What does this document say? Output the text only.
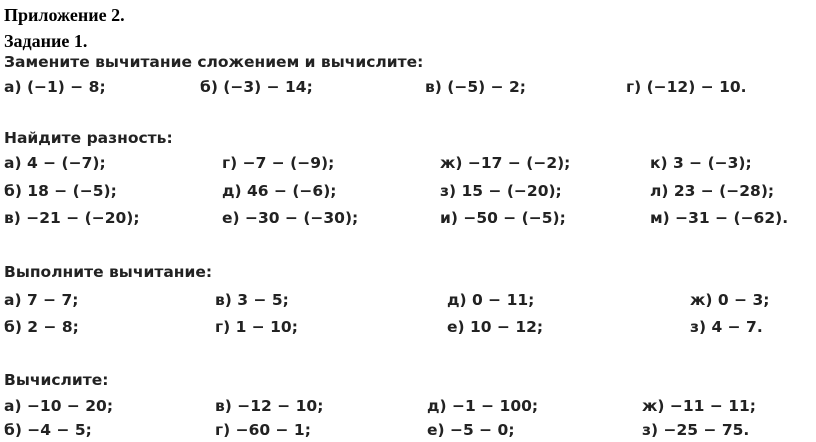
Приложение 2.
Задание 1.
Замените вычитание сложением и вычислите:
а) (−1) − 8;	б) (−3) − 14;	в) (−5) − 2;	г) (−12) − 10.
Найдите разность:
а) 4 − (−7);	г) −7 − (−9);	ж) −17 − (−2);	к) 3 − (−3);
б) 18 − (−5);	д) 46 − (−6);	з) 15 − (−20);	л) 23 − (−28);
в) −21 − (−20);	е) −30 − (−30);	и) −50 − (−5);	м) −31 − (−62).
Выполните вычитание:
а) 7 − 7;	в) 3 − 5;	д) 0 − 11;	ж) 0 − 3;
б) 2 − 8;	г) 1 − 10;	е) 10 − 12;	з) 4 − 7.
Вычислите:
а) −10 − 20;	в) −12 − 10;	д) −1 − 100;	ж) −11 − 11;
б) −4 − 5;	г) −60 − 1;	е) −5 − 0;	з) −25 − 75.
